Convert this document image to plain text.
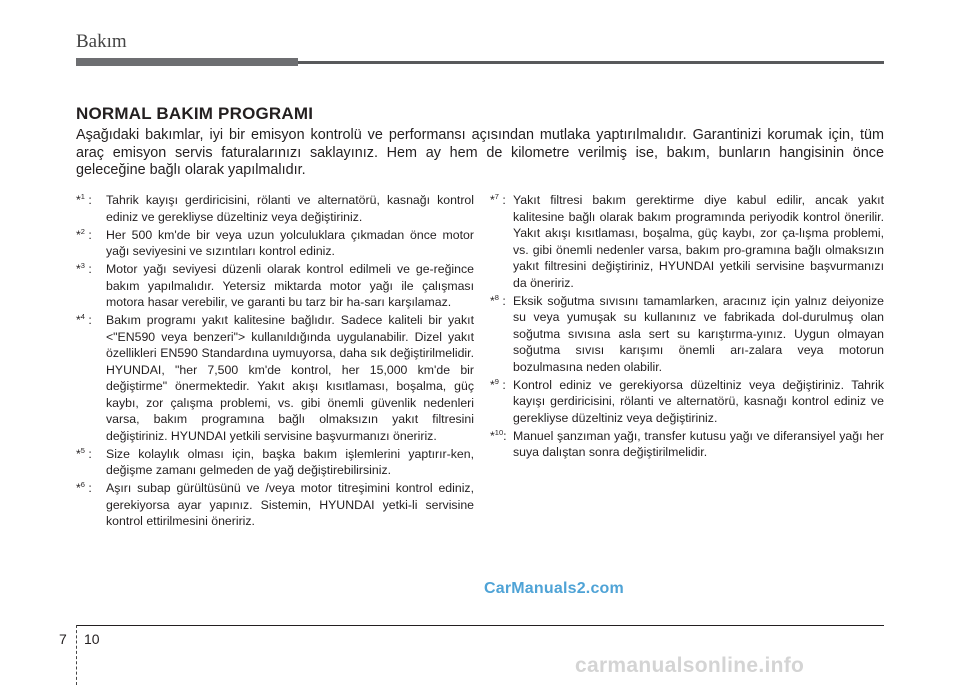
Bakım
NORMAL BAKIM PROGRAMI

Aşağıdaki bakımlar, iyi bir emisyon kontrolü ve performansı açısından mutlaka yaptırılmalıdır. Garantinizi korumak için, tüm araç emisyon servis faturalarınızı saklayınız. Hem ay hem de kilometre verilmiş ise, bakım, bunların hangisinin önce geleceğine bağlı olarak yapılmalıdır.

*$^1$ : Tahrik kayışı gerdiricisini, rölanti ve alternatörü, kasnağı kontrol ediniz ve gerekliyse düzeltiniz veya değiştiriniz.
*$^2$ : Her 500 km'de bir veya uzun yolculuklara çıkmadan önce motor yağı seviyesini ve sızıntıları kontrol ediniz.
*$^3$ : Motor yağı seviyesi düzenli olarak kontrol edilmeli ve ge-reğince bakım yapılmalıdır. Yetersiz miktarda motor yağı ile çalışması motora hasar verebilir, ve garanti bu tarz bir ha-sarı karşılamaz.
*$^4$ : Bakım programı yakıt kalitesine bağlıdır. Sadece kaliteli bir yakıt <"EN590 veya benzeri"> kullanıldığında uygulanabilir. Dizel yakıt özellikleri EN590 Standardına uymuyorsa, daha sık değiştirilmelidir. HYUNDAI, "her 7,500 km'de kontrol, her 15,000 km'de bir değiştirme" önermektedir. Yakıt akışı kısıtlaması, boşalma, güç kaybı, zor çalışma problemi, vs. gibi önemli güvenlik nedenleri varsa, bakım programına bağlı olmaksızın yakıt filtresini değiştiriniz. HYUNDAI yetkili servisine başvurmanızı öneririz.
*$^5$ : Size kolaylık olması için, başka bakım işlemlerini yaptırır-ken, değişme zamanı gelmeden de yağ değiştirebilirsiniz.
*$^6$ : Aşırı subap gürültüsünü ve /veya motor titreşimini kontrol ediniz, gerekiyorsa ayar yapınız. Sistemin, HYUNDAI yetki-li servisine kontrol ettirilmesini öneririz.
*$^7$ : Yakıt filtresi bakım gerektirme diye kabul edilir, ancak yakıt kalitesine bağlı olarak bakım programında periyodik kontrol önerilir. Yakıt akışı kısıtlaması, boşalma, güç kaybı, zor ça-lışma problemi, vs. gibi önemli nedenler varsa, bakım pro-gramına bağlı olmaksızın yakıt filtresini değiştiriniz, HYUNDAI yetkili servisine başvurmanızı da öneririz.
*$^8$ : Eksik soğutma sıvısını tamamlarken, aracınız için yalnız deiyonize su veya yumuşak su kullanınız ve fabrikada dol-durulmuş olan soğutma sıvısına asla sert su karıştırma-yınız. Uygun olmayan soğutma sıvısı karışımı önemli arı-zalara veya motorun bozulmasına neden olabilir.
*$^9$ : Kontrol ediniz ve gerekiyorsa düzeltiniz veya değiştiriniz. Tahrik kayışı gerdiricisini, rölanti ve alternatörü, kasnağı kontrol ediniz ve gerekliyse düzeltiniz veya değiştiriniz.
*$^{10}$: Manuel şanzıman yağı, transfer kutusu yağı ve diferansiyel yağı her suya dalıştan sonra değiştirilmelidir.
CarManuals2.com
7 10
carmanualsonline.info
